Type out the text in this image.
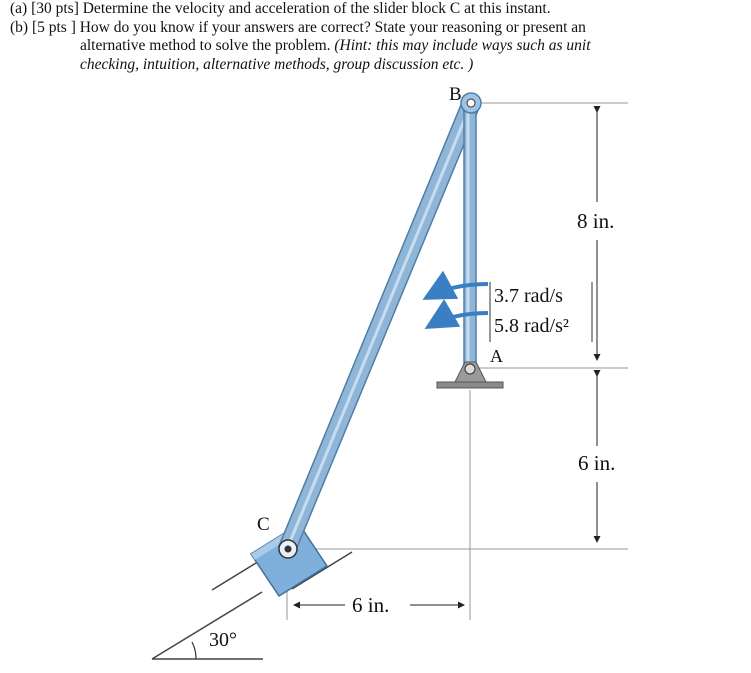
(a) [30 pts] Determine the velocity and acceleration of the slider block C at this instant.
(b) [5 pts ] How do you know if your answers are correct? State your reasoning or present an
alternative method to solve the problem. (Hint: this may include ways such as unit
checking, intuition, alternative methods, group discussion etc. )
8 in.
6 in.
6 in.
30°
B
C
A
3.7 rad/s
5.8 rad/s²
